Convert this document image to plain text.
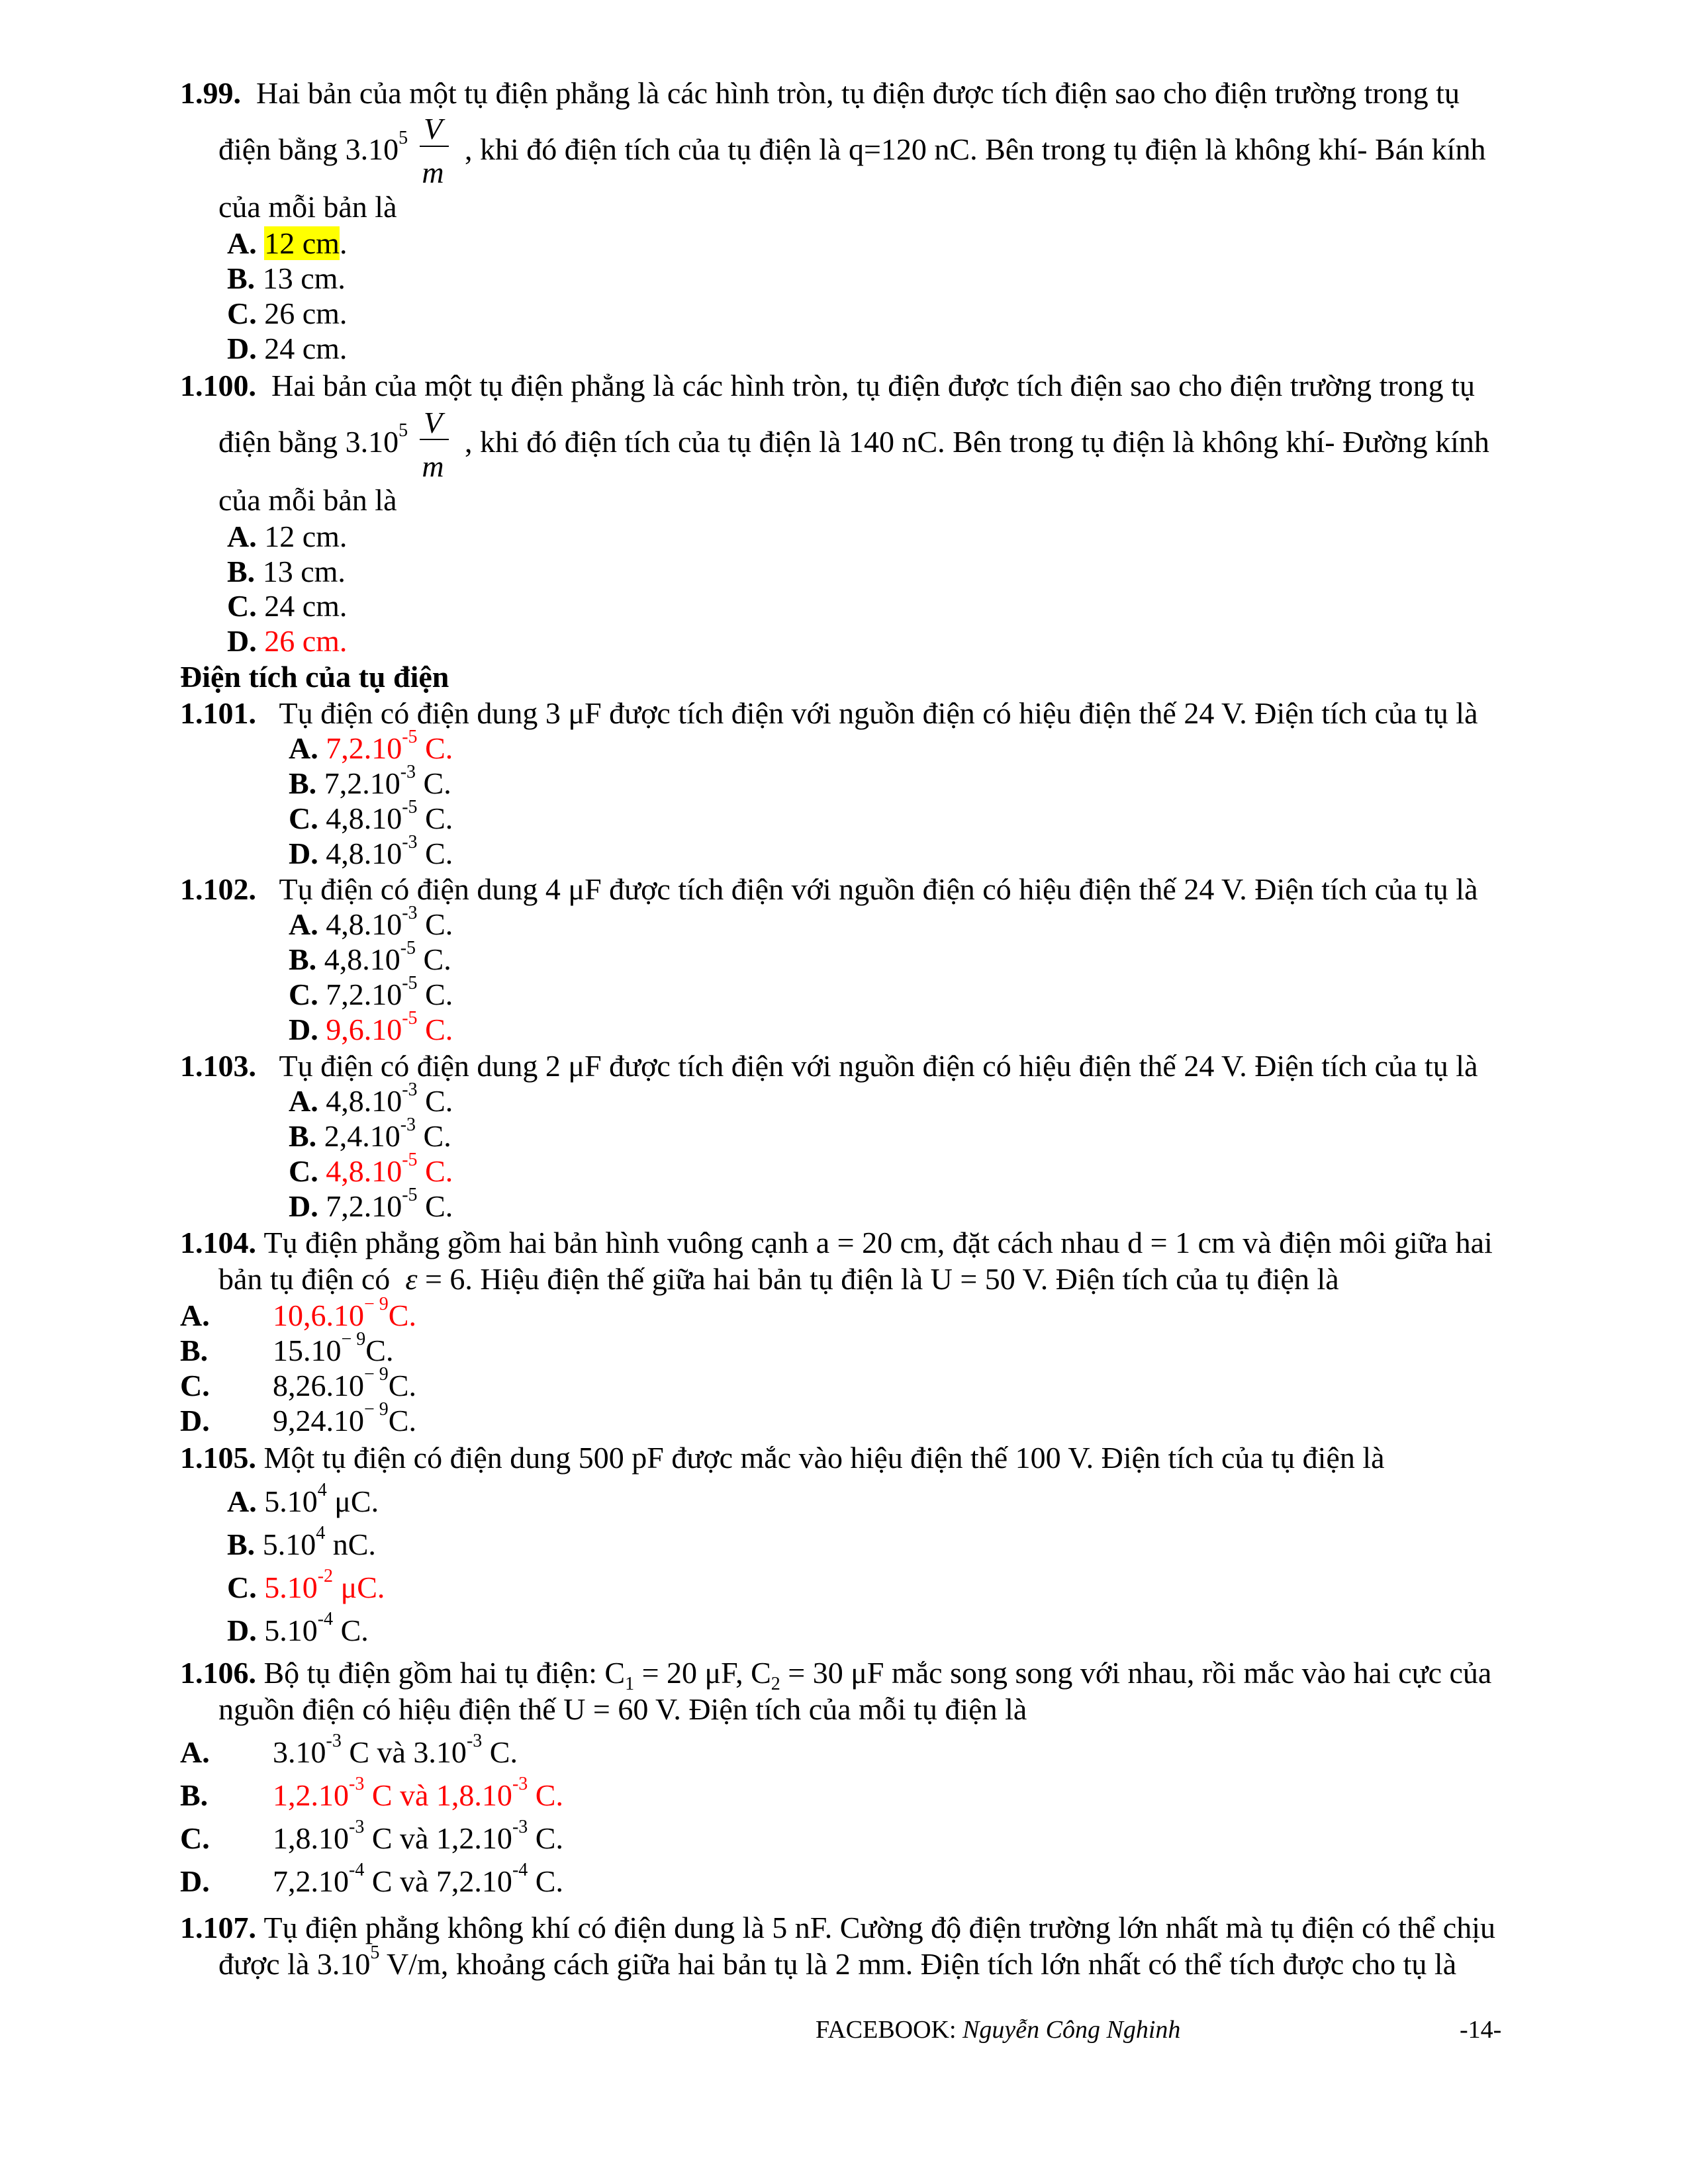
1.99. Hai bản của một tụ điện phẳng là các hình tròn, tụ điện được tích điện sao cho điện trường trong tụ
điện bằng 3.10$^5$ V
m
, khi đó điện tích của tụ điện là q=120 nC. Bên trong tụ điện là không khí- Bán kính
của mỗi bản là
A. 12 cm.
B. 13 cm.
C. 26 cm.
D. 24 cm.
1.100. Hai bản của một tụ điện phẳng là các hình tròn, tụ điện được tích điện sao cho điện trường trong tụ
điện bằng 3.10$^5$ V
m
, khi đó điện tích của tụ điện là 140 nC. Bên trong tụ điện là không khí- Đường kính
của mỗi bản là
A. 12 cm.
B. 13 cm.
C. 24 cm.
D. 26 cm.
Điện tích của tụ điện
1.101. Tụ điện có điện dung 3 μF được tích điện với nguồn điện có hiệu điện thế 24 V. Điện tích của tụ là
A. $7,2.10^{-5}$ C.
B. $7,2.10^{-3}$ C.
C. $4,8.10^{-5}$ C.
D. $4,8.10^{-3}$ C.
1.102. Tụ điện có điện dung 4 μF được tích điện với nguồn điện có hiệu điện thế 24 V. Điện tích của tụ là
A. $4,8.10^{-3}$ C.
B. $4,8.10^{-5}$ C.
C. $7,2.10^{-5}$ C.
D. $9,6.10^{-5}$ C.
1.103. Tụ điện có điện dung 2 μF được tích điện với nguồn điện có hiệu điện thế 24 V. Điện tích của tụ là
A. $4,8.10^{-3}$ C.
B. $2,4.10^{-3}$ C.
C. $4,8.10^{-5}$ C.
D. $7,2.10^{-5}$ C.
1.104. Tụ điện phẳng gồm hai bản hình vuông cạnh a = 20 cm, đặt cách nhau d = 1 cm và điện môi giữa hai
bản tụ điện có ε = 6. Hiệu điện thế giữa hai bản tụ điện là U = 50 V. Điện tích của tụ điện là
A. $10,6.10^{- 9}C$.
B. $15.10^{- 9}C$.
C. $8,26.10^{- 9}C$.
D. $9,24.10^{- 9}C$.
1.105. Một tụ điện có điện dung 500 pF được mắc vào hiệu điện thế 100 V. Điện tích của tụ điện là
A. 5.10$^4$ μC.
B. 5.10$^4$ nC.
C. $5.10^{-2}$ μC.
D. $5.10^{-4}$ C.
1.106. Bộ tụ điện gồm hai tụ điện: $C_1 = 20$ μF, $C_2 = 30$ μF mắc song song với nhau, rồi mắc vào hai cực của
nguồn điện có hiệu điện thế U = 60 V. Điện tích của mỗi tụ điện là
A. $3.10^{-3}$ C và $3.10^{-3}$ C.
B. $1,2.10^{-3}$ C và $1,8.10^{-3}$ C.
C. $1,8.10^{-3}$ C và $1,2.10^{-3}$ C.
D. $7,2.10^{-4}$ C và $7,2.10^{-4}$ C.
1.107. Tụ điện phẳng không khí có điện dung là 5 nF. Cường độ điện trường lớn nhất mà tụ điện có thể chịu
được là 3.10$^5$ V/m, khoảng cách giữa hai bản tụ là 2 mm. Điện tích lớn nhất có thể tích được cho tụ là
FACEBOOK: Nguyễn Công Nghinh	-14-
